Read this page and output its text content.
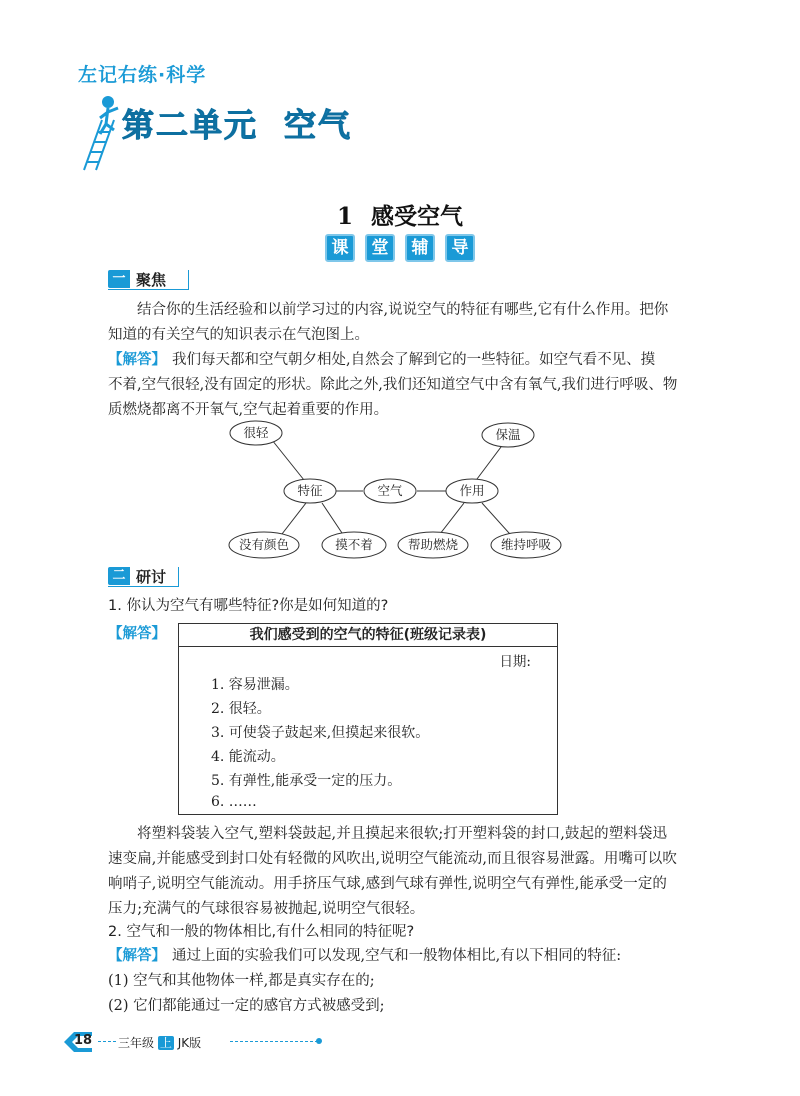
左记右练·科学
第二单元 空气
1 感受空气
课 堂 辅 导
一 聚焦
结合你的生活经验和以前学习过的内容,说说空气的特征有哪些,它有什么作用。把你
知道的有关空气的知识表示在气泡图上。
【解答】 我们每天都和空气朝夕相处,自然会了解到它的一些特征。如空气看不见、摸
不着,空气很轻,没有固定的形状。除此之外,我们还知道空气中含有氧气,我们进行呼吸、物
质燃烧都离不开氧气,空气起着重要的作用。
很轻
特征	空气	作用
保温
没有颜色	摸不着	帮助燃烧	维持呼吸
二 研讨
1. 你认为空气有哪些特征?你是如何知道的?
【解答】	我们感受到的空气的特征(班级记录表)
日期:
1. 容易泄漏。
2. 很轻。
3. 可使袋子鼓起来,但摸起来很软。
4. 能流动。
5. 有弹性,能承受一定的压力。
6. ……
将塑料袋装入空气,塑料袋鼓起,并且摸起来很软;打开塑料袋的封口,鼓起的塑料袋迅
速变扁,并能感受到封口处有轻微的风吹出,说明空气能流动,而且很容易泄露。用嘴可以吹
响哨子,说明空气能流动。用手挤压气球,感到气球有弹性,说明空气有弹性,能承受一定的
压力;充满气的气球很容易被抛起,说明空气很轻。
2. 空气和一般的物体相比,有什么相同的特征呢?
【解答】 通过上面的实验我们可以发现,空气和一般物体相比,有以下相同的特征:
(1) 空气和其他物体一样,都是真实存在的;
(2) 它们都能通过一定的感官方式被感受到;
18	三年级 上 JK版
